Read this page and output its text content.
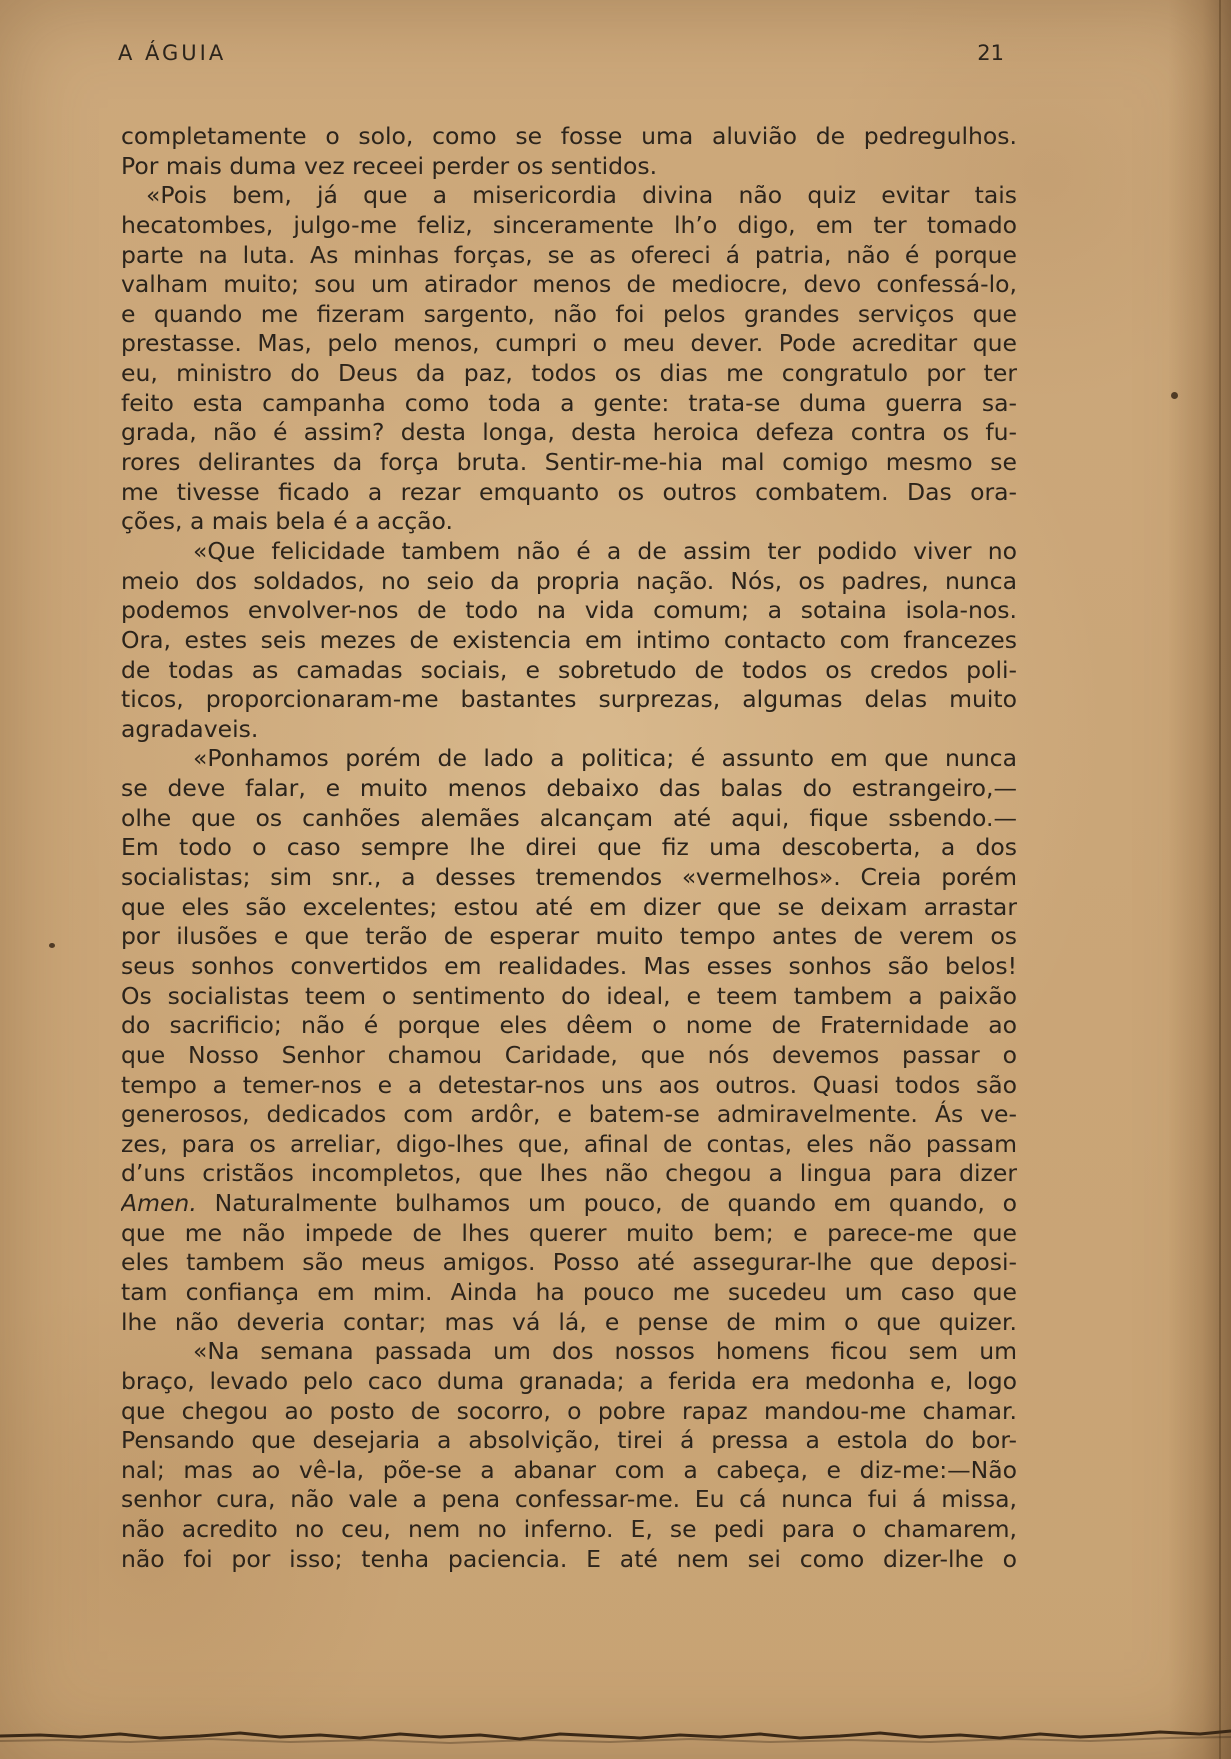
A ÁGUIA	21
completamente o solo, como se fosse uma aluvião de pedregulhos.
Por mais duma vez receei perder os sentidos.
«Pois bem, já que a misericordia divina não quiz evitar tais
hecatombes, julgo-me feliz, sinceramente lh’o digo, em ter tomado
parte na luta. As minhas forças, se as ofereci á patria, não é porque
valham muito; sou um atirador menos de mediocre, devo confessá-lo,
e quando me fizeram sargento, não foi pelos grandes serviços que
prestasse. Mas, pelo menos, cumpri o meu dever. Pode acreditar que
eu, ministro do Deus da paz, todos os dias me congratulo por ter
feito esta campanha como toda a gente: trata-se duma guerra sa-
grada, não é assim? desta longa, desta heroica defeza contra os fu-
rores delirantes da força bruta. Sentir-me-hia mal comigo mesmo se
me tivesse ficado a rezar emquanto os outros combatem. Das ora-
ções, a mais bela é a acção.
«Que felicidade tambem não é a de assim ter podido viver no
meio dos soldados, no seio da propria nação. Nós, os padres, nunca
podemos envolver-nos de todo na vida comum; a sotaina isola-nos.
Ora, estes seis mezes de existencia em intimo contacto com francezes
de todas as camadas sociais, e sobretudo de todos os credos poli-
ticos, proporcionaram-me bastantes surprezas, algumas delas muito
agradaveis.
«Ponhamos porém de lado a politica; é assunto em que nunca
se deve falar, e muito menos debaixo das balas do estrangeiro,—
olhe que os canhões alemães alcançam até aqui, fique ssbendo.—
Em todo o caso sempre lhe direi que fiz uma descoberta, a dos
socialistas; sim snr., a desses tremendos «vermelhos». Creia porém
que eles são excelentes; estou até em dizer que se deixam arrastar
por ilusões e que terão de esperar muito tempo antes de verem os
seus sonhos convertidos em realidades. Mas esses sonhos são belos!
Os socialistas teem o sentimento do ideal, e teem tambem a paixão
do sacrificio; não é porque eles dêem o nome de Fraternidade ao
que Nosso Senhor chamou Caridade, que nós devemos passar o
tempo a temer-nos e a detestar-nos uns aos outros. Quasi todos são
generosos, dedicados com ardôr, e batem-se admiravelmente. Ás ve-
zes, para os arreliar, digo-lhes que, afinal de contas, eles não passam
d’uns cristãos incompletos, que lhes não chegou a lingua para dizer
Amen. Naturalmente bulhamos um pouco, de quando em quando, o
que me não impede de lhes querer muito bem; e parece-me que
eles tambem são meus amigos. Posso até assegurar-lhe que deposi-
tam confiança em mim. Ainda ha pouco me sucedeu um caso que
lhe não deveria contar; mas vá lá, e pense de mim o que quizer.
«Na semana passada um dos nossos homens ficou sem um
braço, levado pelo caco duma granada; a ferida era medonha e, logo
que chegou ao posto de socorro, o pobre rapaz mandou-me chamar.
Pensando que desejaria a absolvição, tirei á pressa a estola do bor-
nal; mas ao vê-la, põe-se a abanar com a cabeça, e diz-me:—Não
senhor cura, não vale a pena confessar-me. Eu cá nunca fui á missa,
não acredito no ceu, nem no inferno. E, se pedi para o chamarem,
não foi por isso; tenha paciencia. E até nem sei como dizer-lhe o
